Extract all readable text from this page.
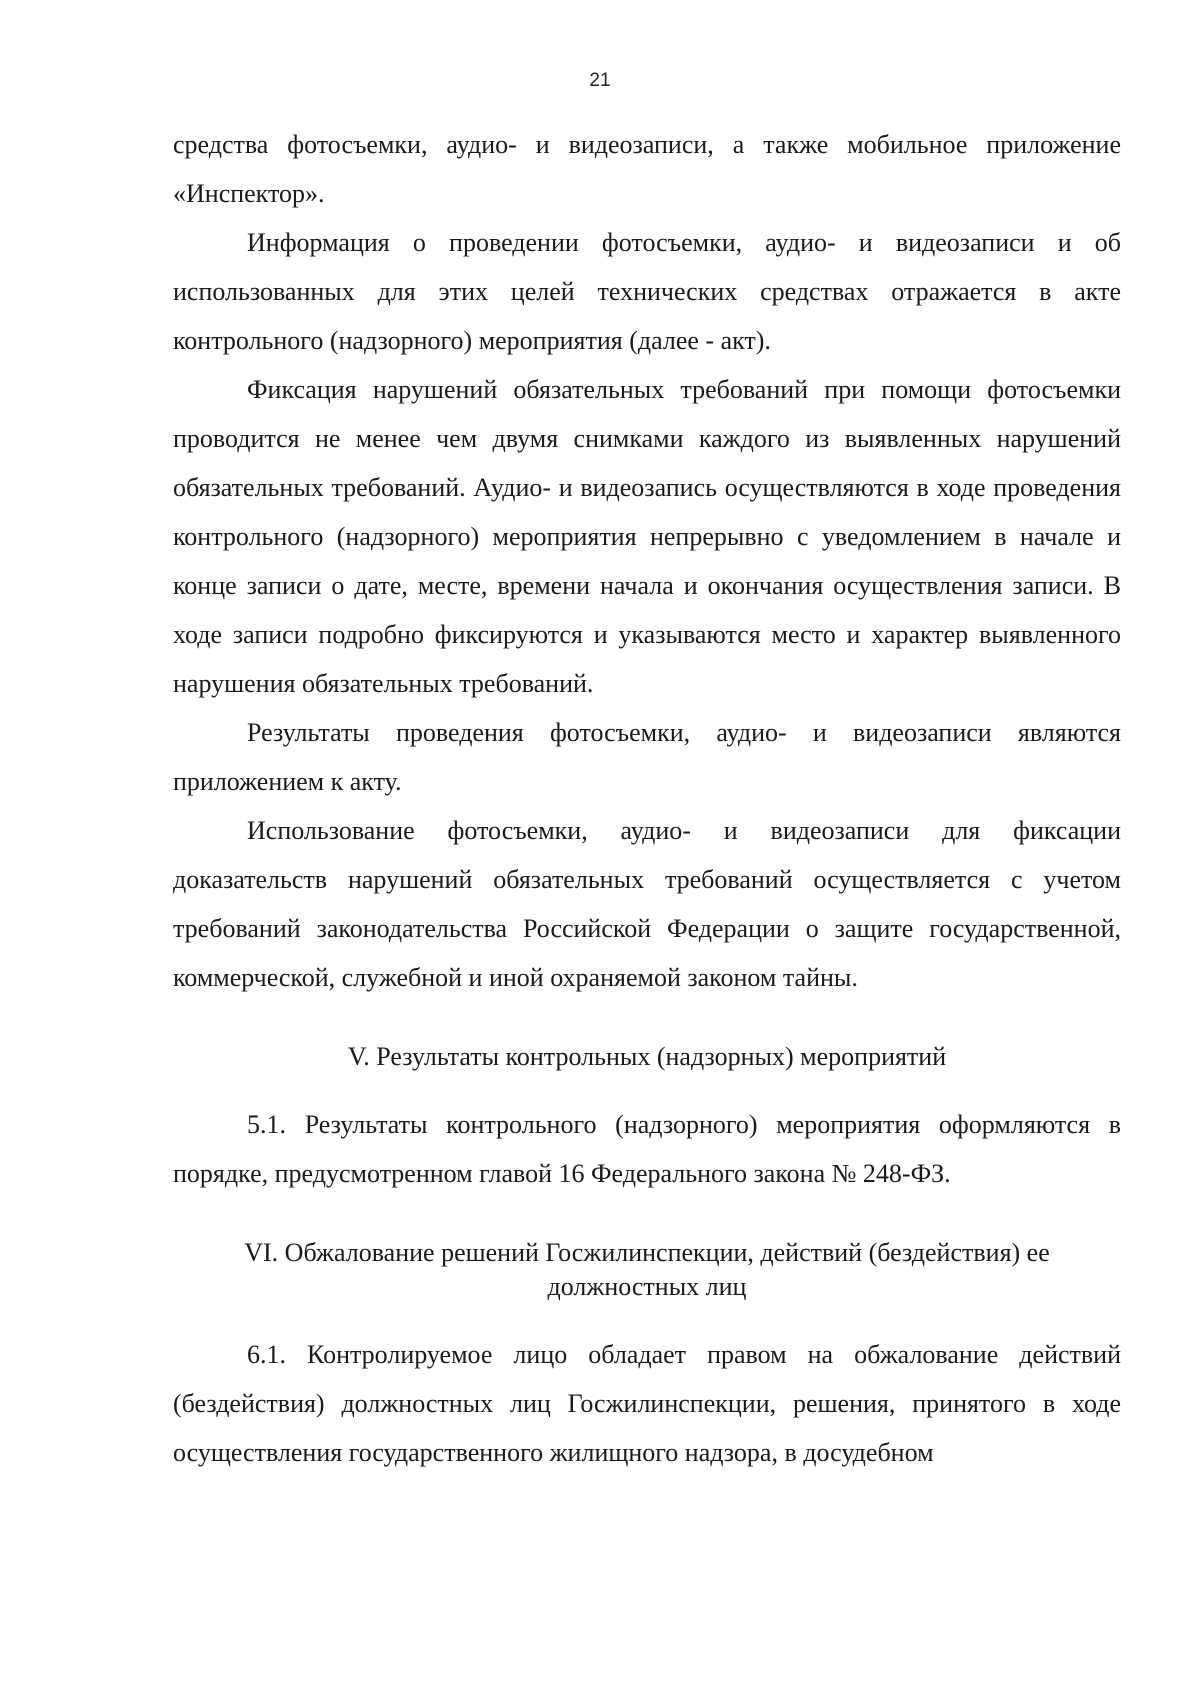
21

средства фотосъемки, аудио- и видеозаписи, а также мобильное приложение «Инспектор».

Информация о проведении фотосъемки, аудио- и видеозаписи и об использованных для этих целей технических средствах отражается в акте контрольного (надзорного) мероприятия (далее - акт).

Фиксация нарушений обязательных требований при помощи фотосъемки проводится не менее чем двумя снимками каждого из выявленных нарушений обязательных требований. Аудио- и видеозапись осуществляются в ходе проведения контрольного (надзорного) мероприятия непрерывно с уведомлением в начале и конце записи о дате, месте, времени начала и окончания осуществления записи. В ходе записи подробно фиксируются и указываются место и характер выявленного нарушения обязательных требований.

Результаты проведения фотосъемки, аудио- и видеозаписи являются приложением к акту.

Использование фотосъемки, аудио- и видеозаписи для фиксации доказательств нарушений обязательных требований осуществляется с учетом требований законодательства Российской Федерации о защите государственной, коммерческой, служебной и иной охраняемой законом тайны.

V. Результаты контрольных (надзорных) мероприятий

5.1. Результаты контрольного (надзорного) мероприятия оформляются в порядке, предусмотренном главой 16 Федерального закона № 248-ФЗ.

VI. Обжалование решений Госжилинспекции, действий (бездействия) ее должностных лиц

6.1. Контролируемое лицо обладает правом на обжалование действий (бездействия) должностных лиц Госжилинспекции, решения, принятого в ходе осуществления государственного жилищного надзора, в досудебном
